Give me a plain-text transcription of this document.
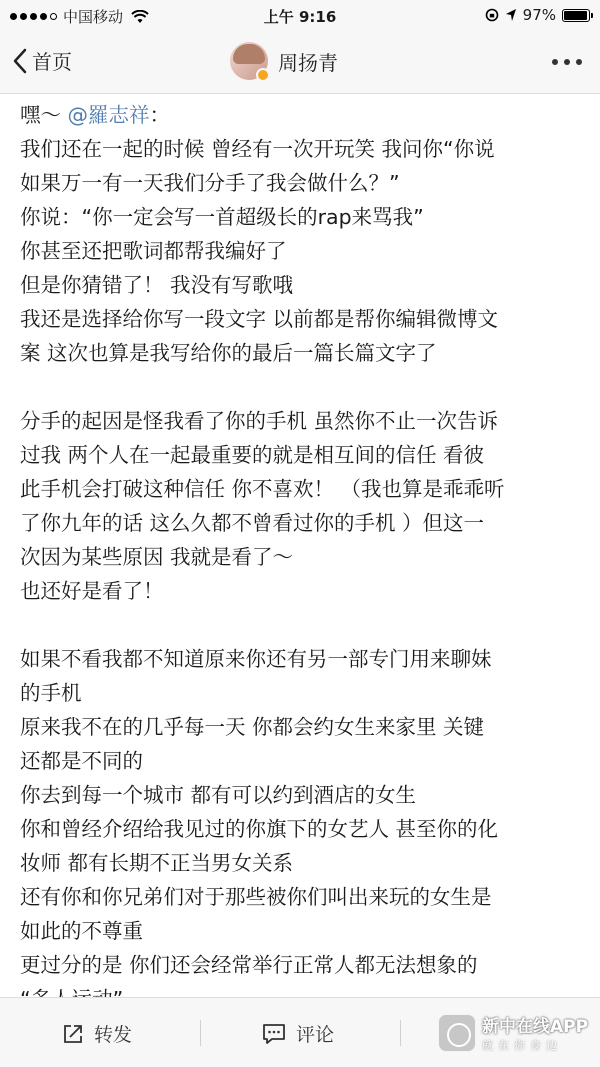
中国移动	上午 9:16	97%
首页	周扬青
嘿～ @羅志祥：
我们还在一起的时候 曾经有一次开玩笑 我问你“你说
如果万一有一天我们分手了我会做什么？”
你说：“你一定会写一首超级长的rap来骂我”
你甚至还把歌词都帮我编好了
但是你猜错了！ 我没有写歌哦
我还是选择给你写一段文字 以前都是帮你编辑微博文
案 这次也算是我写给你的最后一篇长篇文字了
分手的起因是怪我看了你的手机 虽然你不止一次告诉
过我 两个人在一起最重要的就是相互间的信任 看彼
此手机会打破这种信任 你不喜欢！ （我也算是乖乖听
了你九年的话 这么久都不曾看过你的手机 ）但这一
次因为某些原因 我就是看了～
也还好是看了！
如果不看我都不知道原来你还有另一部专门用来聊妹
的手机
原来我不在的几乎每一天 你都会约女生来家里 关键
还都是不同的
你去到每一个城市 都有可以约到酒店的女生
你和曾经介绍给我见过的你旗下的女艺人 甚至你的化
妆师 都有长期不正当男女关系
还有你和你兄弟们对于那些被你们叫出来玩的女生是
如此的不尊重
更过分的是 你们还会经常举行正常人都无法想象的
转发	评论	新中在线APP
就在你身边
